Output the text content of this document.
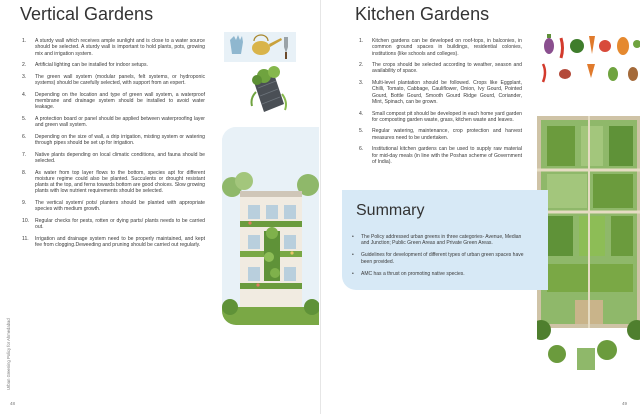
Vertical Gardens
1.	A sturdy wall which receives ample sunlight and is close to a water source should be selected. A sturdy wall is important to hold plants, pots, growing mix and irrigation system.
2.	Artificial lighting can be installed for indoor setups.
3.	The green wall system (modular panels, felt systems, or hydroponic systems) should be carefully selected, with support from an expert.
4.	Depending on the location and type of green wall system, a waterproof membrane and drainage system should be installed to avoid water leakage.
5.	A protection board or panel should be applied between waterproofing layer and green wall system.
6.	Depending on the size of wall, a drip irrigation, misting system or watering through pipes should be set up for irrigation.
7.	Native plants depending on local climatic conditions, and fauna should be selected.
8.	As water from top layer flows to the bottom, species apt for different moisture regime could also be planted. Succulents or drought resistant plants at the top, and ferns towards bottom are good choices. Slow growing plants with low nutrient requirements should be selected.
9.	The vertical system/ pots/ planters should be planted with appropriate species with medium growth.
10.	Regular checks for pests, rotten or dying parts/ plants needs to be carried out.
11.	Irrigation and drainage system need to be properly maintained, and kept fee from clogging.Deweeding and pruning should be carried out regularly.
Urban Greening Policy for Ahmedabad
48
Kitchen Gardens
1.	Kitchen gardens can be developed on roof-tops, in balconies, in common ground spaces in buildings, residential colonies, institutions (like schools and colleges).
2.	The crops should be selected according to weather, season and availability of space.
3.	Multi-level plantation should be followed. Crops like Eggplant, Chilli, Tomato, Cabbage, Cauliflower, Onion, Ivy Gourd, Pointed Gourd, Bottle Gourd, Smooth Gourd Ridge Gourd, Coriander, Mint, Spinach, can be grown.
4.	Small compost pit should be developed in each home yard garden for composting garden waste, grass, kitchen waste and leaves.
5.	Regular watering, maintenance, crop protection and harvest measures need to be undertaken.
6.	Institutional kitchen gardens can be used to supply raw material for mid-day meals (in line with the Poshan scheme of Government of India).
49
Summary
•	The Policy addressed urban greens in three categories- Avenue, Median and Junction; Public Green Areas and Private Green Areas.
•	Guidelines for development of different types of urban green spaces have been provided.
•	AMC has a thrust on promoting native species.
